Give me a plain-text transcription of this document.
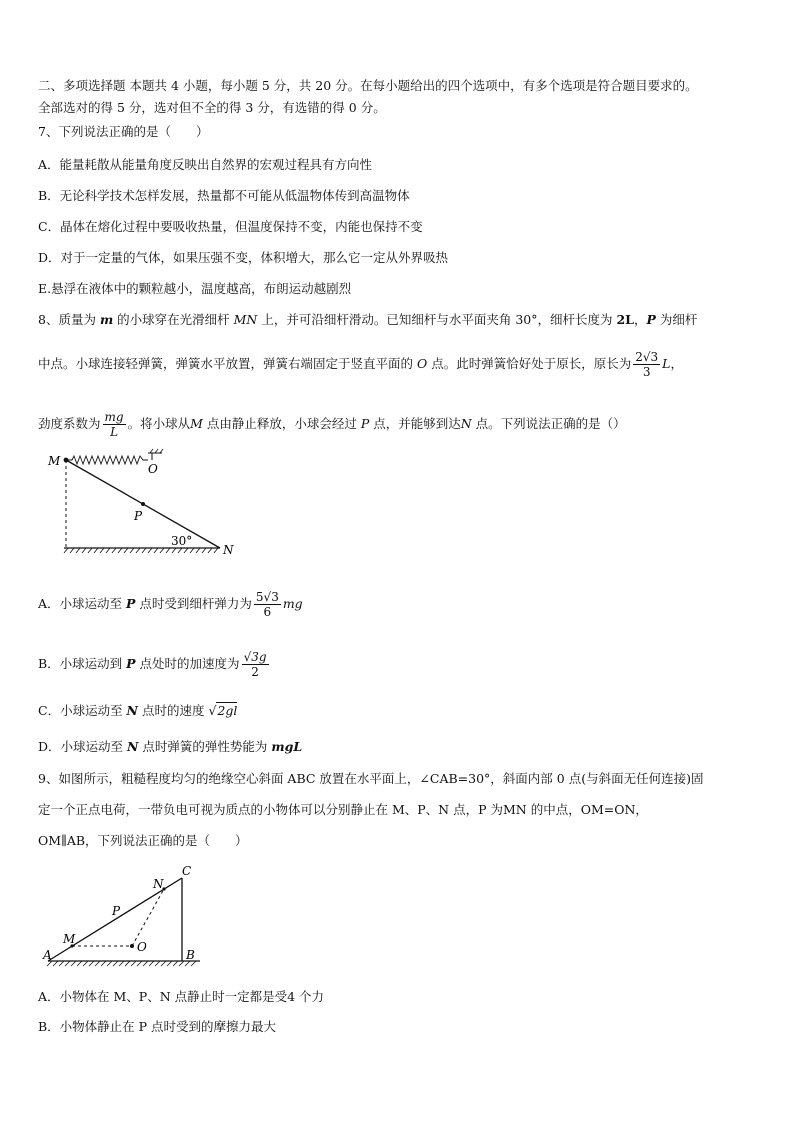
二、多项选择题 本题共 4 小题，每小题 5 分，共 20 分。在每小题给出的四个选项中，有多个选项是符合题目要求的。
全部选对的得 5 分，选对但不全的得 3 分，有选错的得 0 分。
7、下列说法正确的是（　　）
A．能量耗散从能量角度反映出自然界的宏观过程具有方向性
B．无论科学技术怎样发展，热量都不可能从低温物体传到高温物体
C．晶体在熔化过程中要吸收热量，但温度保持不变，内能也保持不变
D．对于一定量的气体，如果压强不变，体积增大，那么它一定从外界吸热
E.悬浮在液体中的颗粒越小，温度越高，布朗运动越剧烈
8、质量为 m 的小球穿在光滑细杆 MN 上，并可沿细杆滑动。已知细杆与水平面夹角 30°，细杆长度为 2L，P 为细杆
中点。小球连接轻弹簧，弹簧水平放置，弹簧右端固定于竖直平面的 O 点。此时弹簧恰好处于原长，原长为 $\frac{2√3}{3}$ L，
劲度系数为 $\frac{mg}{L}$ 。将小球从M 点由静止释放，小球会经过 P 点，并能够到达N 点。下列说法正确的是（）
M
O
P
30°
N
A．小球运动至 P 点时受到细杆弹力为 $\frac{5√3}{6}$ mg
B．小球运动到 P 点处时的加速度为 $\frac{√3g}{2}$
C．小球运动至 N 点时的速度 √2gl
D．小球运动至 N 点时弹簧的弹性势能为 mgL
9、如图所示，粗糙程度均匀的绝缘空心斜面 ABC 放置在水平面上，∠CAB=30°，斜面内部 0 点(与斜面无任何连接)固
定一个正点电荷，一带负电可视为质点的小物体可以分别静止在 M、P、N 点，P 为MN 的中点，OM=ON，
OM∥AB，下列说法正确的是（　　）
C
N
P
M
O
A	B
A．小物体在 M、P、N 点静止时一定都是受4 个力
B．小物体静止在 P 点时受到的摩擦力最大
